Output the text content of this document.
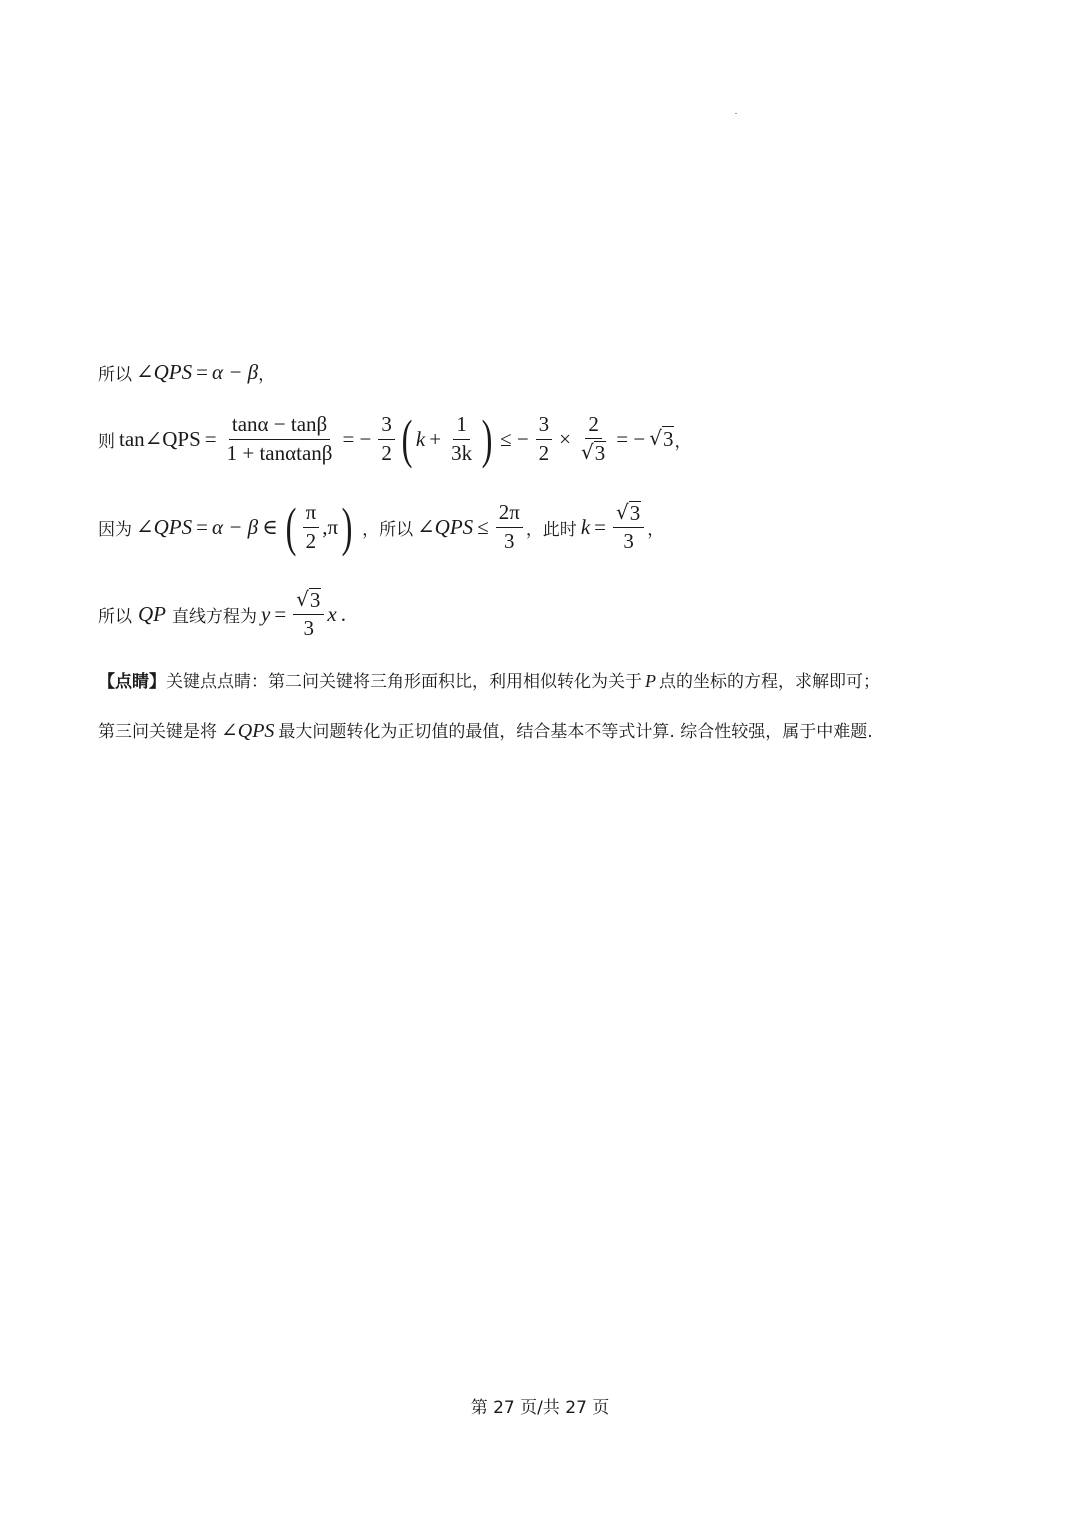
所以 ∠QPS = α − β ，
则 tan∠QPS = $\frac{\tan\alpha - \tan\beta}{1 + \tan\alpha\tan\beta}$ = − $\frac{3}{2}$ ( $k + \frac{1}{3k}$ ) ≤ − $\frac{3}{2} \times \frac{2}{√ 3}$ = − √ 3 ，
因为 ∠QPS = α − β ∈ ( $\frac{\pi}{2} ,\pi$ ) ，所以 ∠QPS ≤ $\frac{2\pi}{3}$ ，此时 $k = \frac{√ 3}{3}$ ，
所以 QP 直线方程为 $y = \frac{√ 3}{3}$ x .
【点睛】关键点点睛：第二问关键将三角形面积比，利用相似转化为关于 P 点的坐标的方程，求解即可；
第三问关键是将 ∠QPS 最大问题转化为正切值的最值，结合基本不等式计算. 综合性较强，属于中难题.
第 27 页/共 27 页
